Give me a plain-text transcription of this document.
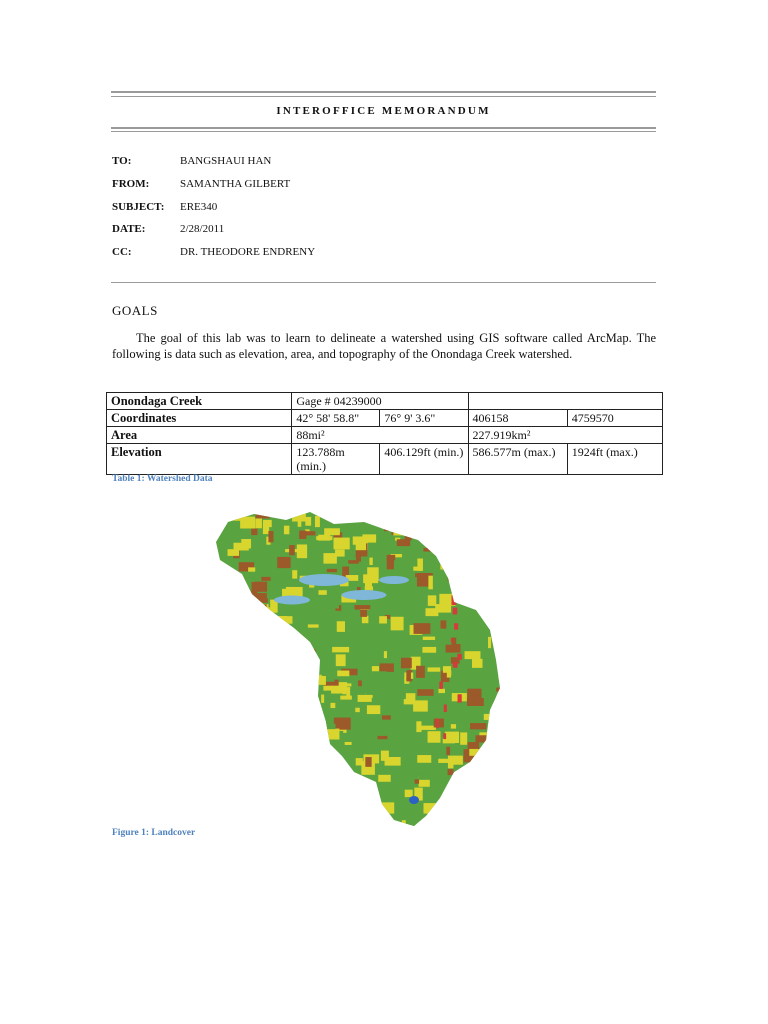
INTEROFFICE MEMORANDUM
TO:	BANGSHAUI HAN
FROM:	SAMANTHA GILBERT
SUBJECT: ERE340
DATE:	2/28/2011
CC:	DR. THEODORE ENDRENY
GOALS

The goal of this lab was to learn to delineate a watershed using GIS software called ArcMap. The following is data such as elevation, area, and topography of the Onondaga Creek watershed.

Onondaga Creek	Gage # 04239000			
Coordinates	42° 58' 58.8"	76° 9' 3.6"	406158	4759570
Area	88mi²		227.919km²	
Elevation	123.788m (min.)	406.129ft (min.)	586.577m (max.)	1924ft (max.)
Table 1: Watershed Data
Figure 1: Landcover
